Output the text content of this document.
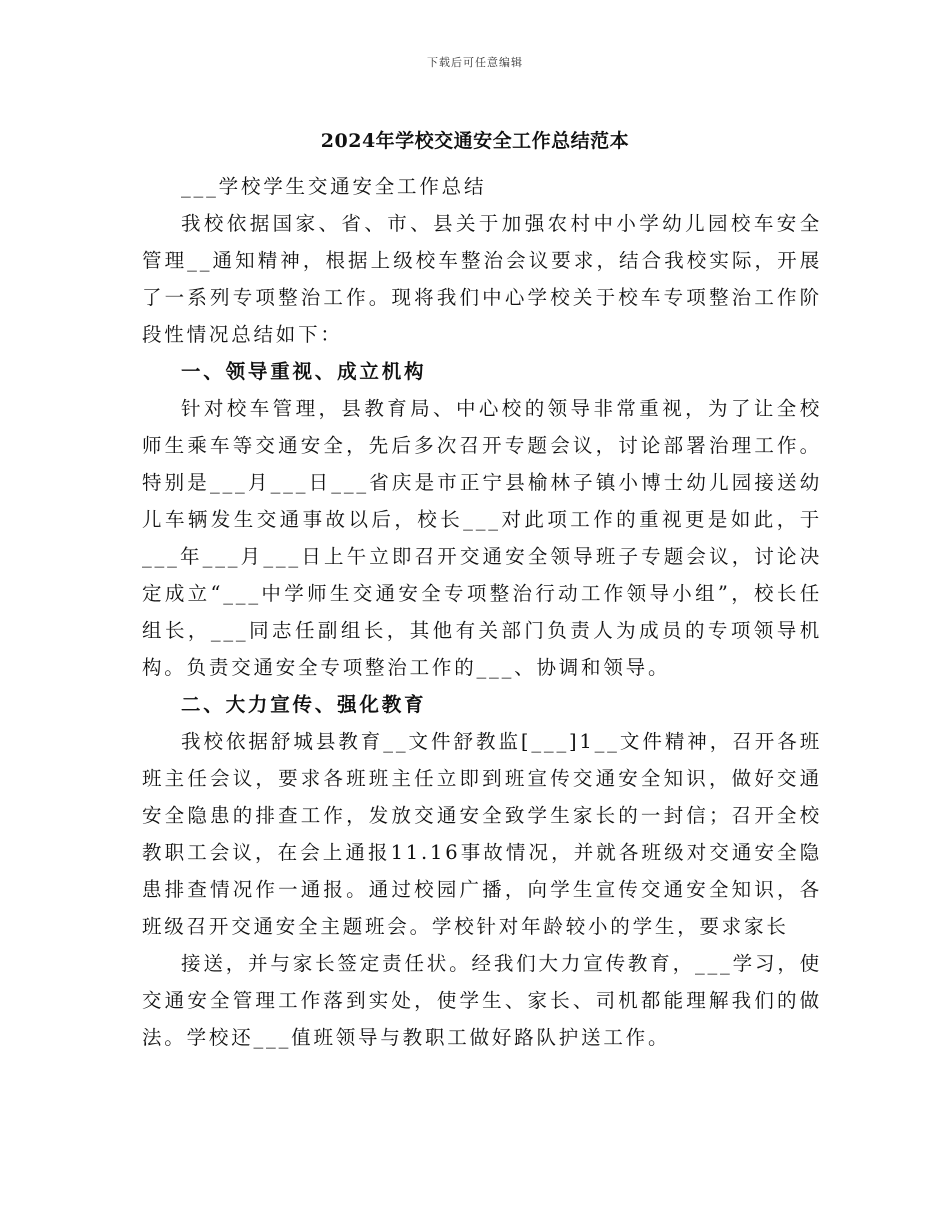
下载后可任意编辑
2024年学校交通安全工作总结范本

___学校学生交通安全工作总结

我校依据国家、省、市、县关于加强农村中小学幼儿园校车安全管理__通知精神，根据上级校车整治会议要求，结合我校实际，开展了一系列专项整治工作。现将我们中心学校关于校车专项整治工作阶段性情况总结如下：

一、领导重视、成立机构

针对校车管理，县教育局、中心校的领导非常重视，为了让全校师生乘车等交通安全，先后多次召开专题会议，讨论部署治理工作。特别是___月___日___省庆是市正宁县榆林子镇小博士幼儿园接送幼儿车辆发生交通事故以后，校长___对此项工作的重视更是如此，于___年___月___日上午立即召开交通安全领导班子专题会议，讨论决定成立“___中学师生交通安全专项整治行动工作领导小组”，校长任组长，___同志任副组长，其他有关部门负责人为成员的专项领导机构。负责交通安全专项整治工作的___、协调和领导。

二、大力宣传、强化教育

我校依据舒城县教育__文件舒教监[___]1__文件精神，召开各班班主任会议，要求各班班主任立即到班宣传交通安全知识，做好交通安全隐患的排查工作，发放交通安全致学生家长的一封信；召开全校教职工会议，在会上通报11.16事故情况，并就各班级对交通安全隐患排查情况作一通报。通过校园广播，向学生宣传交通安全知识，各班级召开交通安全主题班会。学校针对年龄较小的学生，要求家长

接送，并与家长签定责任状。经我们大力宣传教育，___学习，使交通安全管理工作落到实处，使学生、家长、司机都能理解我们的做法。学校还___值班领导与教职工做好路队护送工作。
